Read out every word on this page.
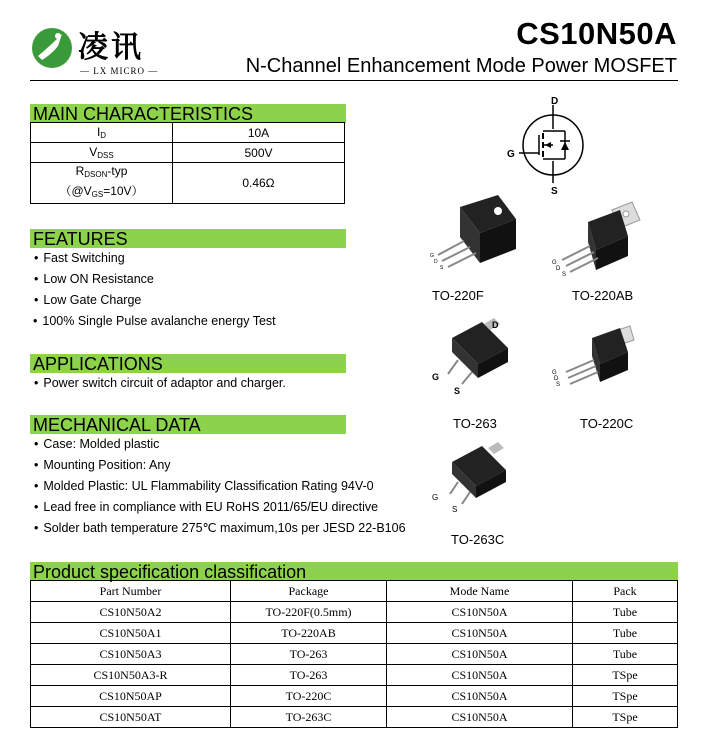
凌讯
— LX MICRO —
CS10N50A
N-Channel Enhancement Mode Power MOSFET
MAIN CHARACTERISTICS
$I_D$	10A
$V_{DSS}$	500V
$R_{DSON}$-typ
$(@V_{GS}=10V)$	0.46Ω
FEATURES
• Fast Switching
• Low ON Resistance
• Low Gate Charge
• 100% Single Pulse avalanche energy Test
APPLICATIONS
• Power switch circuit of adaptor and charger.
MECHANICAL DATA
• Case: Molded plastic
• Mounting Position: Any
• Molded Plastic: UL Flammability Classification Rating 94V-0
• Lead free in compliance with EU RoHS 2011/65/EU directive
• Solder bath temperature 275℃ maximum,10s per JESD 22-B106
D
G
S
G
D
S
TO-220F
G
D
S
TO-220AB
G
D
S
TO-263
G
D
S
TO-220C
G
S
TO-263C
Product specification classification
Part Number	Package	Mode Name	Pack
CS10N50A2	TO-220F(0.5mm)	CS10N50A	Tube
CS10N50A1	TO-220AB	CS10N50A	Tube
CS10N50A3	TO-263	CS10N50A	Tube
CS10N50A3-R	TO-263	CS10N50A	TSpe
CS10N50AP	TO-220C	CS10N50A	TSpe
CS10N50AT	TO-263C	CS10N50A	TSpe
